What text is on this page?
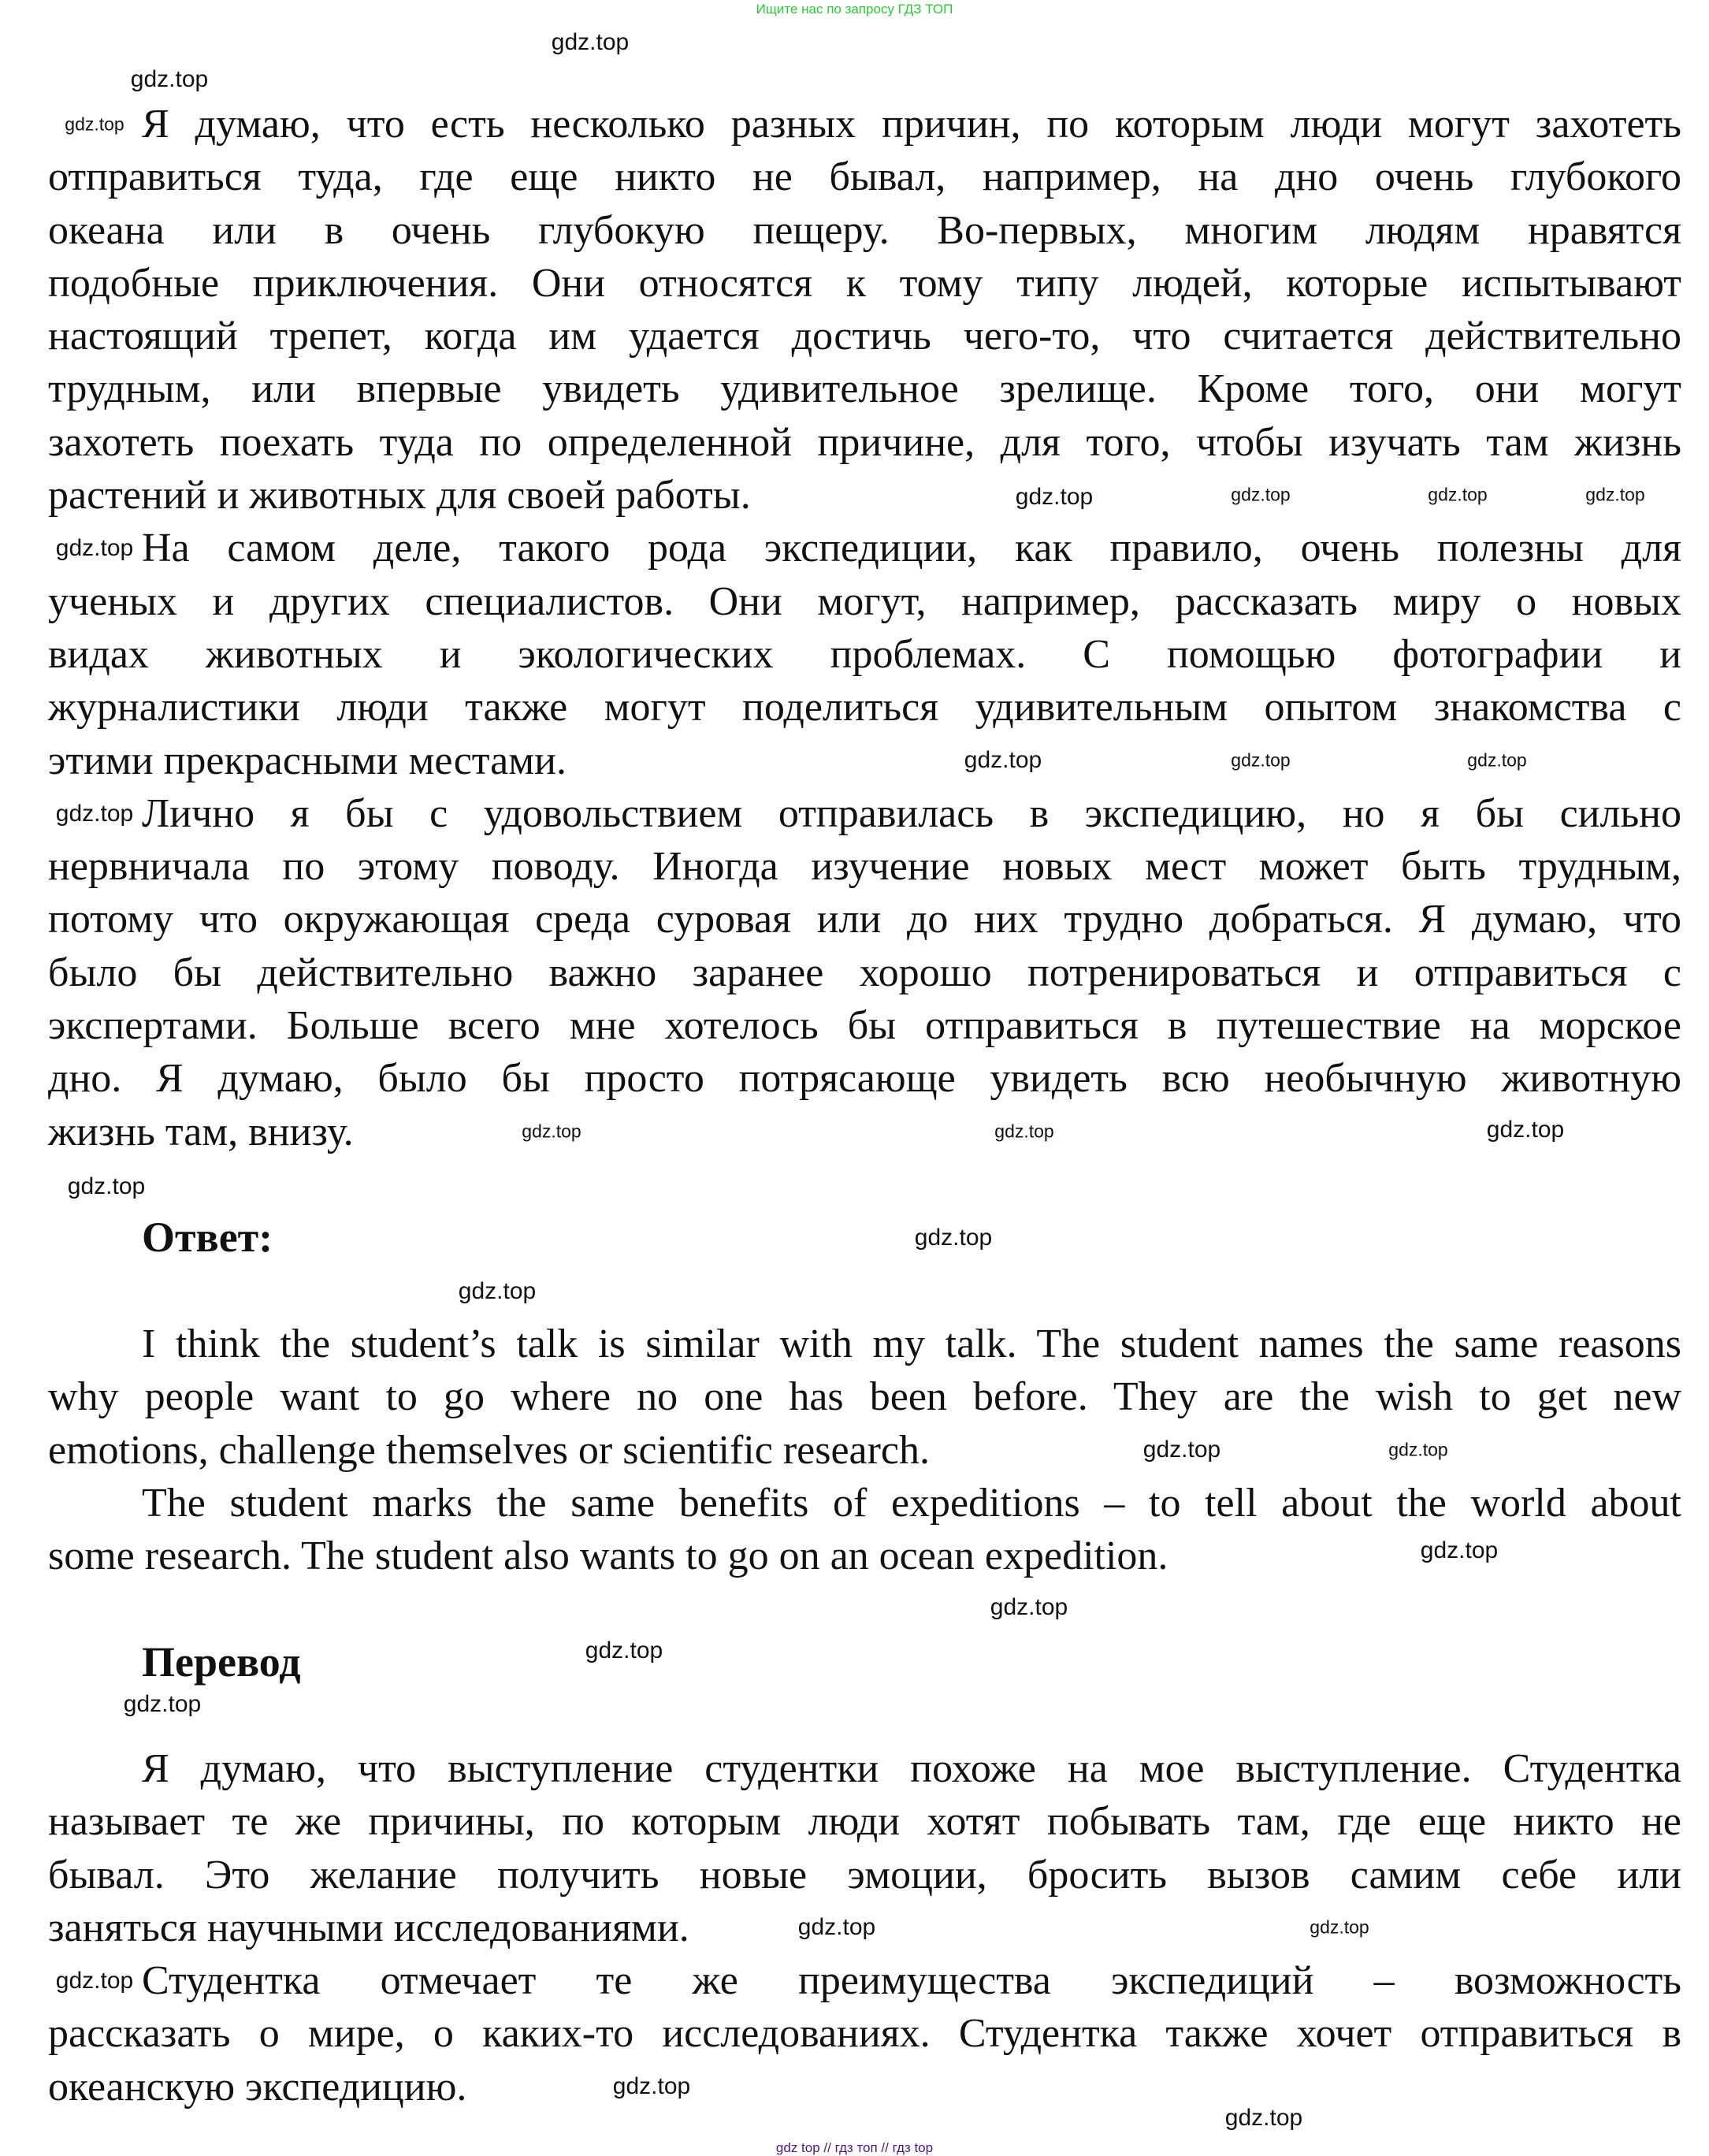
Ищите нас по запросу ГДЗ ТОП
Я думаю, что есть несколько разных причин, по которым люди могут захотеть
отправиться туда, где еще никто не бывал, например, на дно очень глубокого
океана или в очень глубокую пещеру. Во-первых, многим людям нравятся
подобные приключения. Они относятся к тому типу людей, которые испытывают
настоящий трепет, когда им удается достичь чего-то, что считается действительно
трудным, или впервые увидеть удивительное зрелище. Кроме того, они могут
захотеть поехать туда по определенной причине, для того, чтобы изучать там жизнь
растений и животных для своей работы.
На самом деле, такого рода экспедиции, как правило, очень полезны для
ученых и других специалистов. Они могут, например, рассказать миру о новых
видах животных и экологических проблемах. С помощью фотографии и
журналистики люди также могут поделиться удивительным опытом знакомства с
этими прекрасными местами.
Лично я бы с удовольствием отправилась в экспедицию, но я бы сильно
нервничала по этому поводу. Иногда изучение новых мест может быть трудным,
потому что окружающая среда суровая или до них трудно добраться. Я думаю, что
было бы действительно важно заранее хорошо потренироваться и отправиться с
экспертами. Больше всего мне хотелось бы отправиться в путешествие на морское
дно. Я думаю, было бы просто потрясающе увидеть всю необычную животную
жизнь там, внизу.
Ответ:
I think the student’s talk is similar with my talk. The student names the same reasons
why people want to go where no one has been before. They are the wish to get new
emotions, challenge themselves or scientific research.
The student marks the same benefits of expeditions – to tell about the world about
some research. The student also wants to go on an ocean expedition.
Перевод
Я думаю, что выступление студентки похоже на мое выступление. Студентка
называет те же причины, по которым люди хотят побывать там, где еще никто не
бывал. Это желание получить новые эмоции, бросить вызов самим себе или
заняться научными исследованиями.
Студентка отмечает те же преимущества экспедиций – возможность
рассказать о мире, о каких-то исследованиях. Студентка также хочет отправиться в
океанскую экспедицию.
gdz.top
gdz.top
gdz.top
gdz.top	gdz.top	gdz.top	gdz.top
gdz.top
gdz.top	gdz.top	gdz.top
gdz.top
gdz.top	gdz.top	gdz.top
gdz.top
gdz.top
gdz.top
gdz.top	gdz.top
gdz.top
gdz.top
gdz.top
gdz.top
gdz.top	gdz.top
gdz.top
gdz.top
gdz.top
gdz top // гдз топ // гдз top
